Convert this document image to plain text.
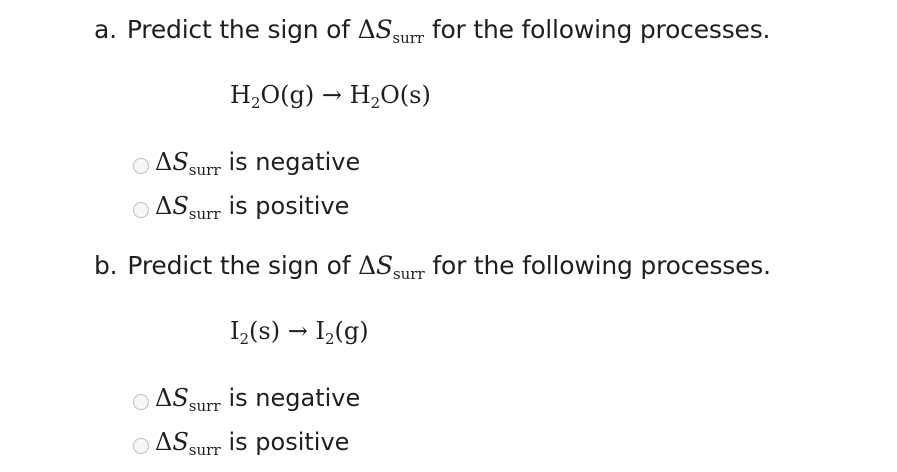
a. Predict the sign of $\Delta S_{surr}$ for the following processes.
$H_2O(g) \to H_2O(s)$
$\Delta S_{surr}$ is negative
$\Delta S_{surr}$ is positive
b. Predict the sign of $\Delta S_{surr}$ for the following processes.
$I_2(s) \to I_2(g)$
$\Delta S_{surr}$ is negative
$\Delta S_{surr}$ is positive
